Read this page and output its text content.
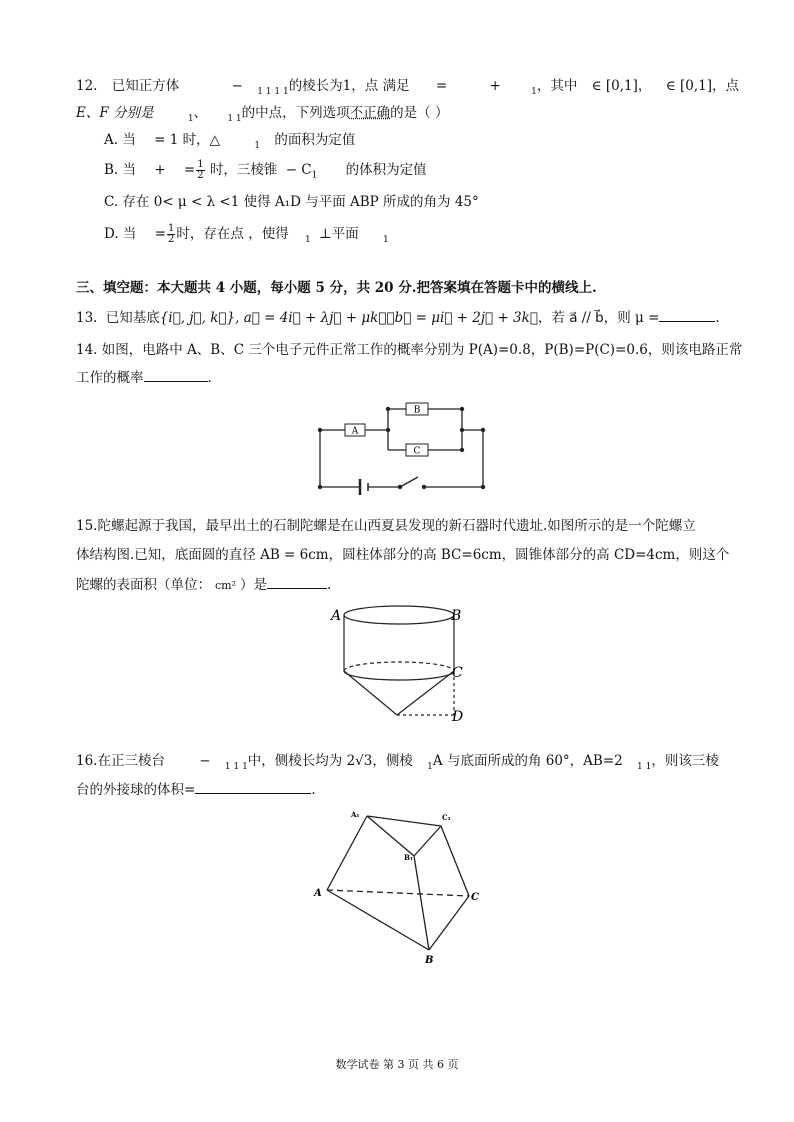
12. 已知正方体	− $_{1 1 1 1}$的棱长为1，点 满足 =	+	$_1$，其中 ∈ [0,1]， ∈ [0,1]，点
E、F 分别是	$_1$、 $_{1 1}$的中点，下列选项不正确的是（ ）
A. 当 = 1 时，△	$_1$ 的面积为定值
B. 当 + = $\frac{1}{2}$ 时，三棱锥 − $C_1$ 的体积为定值
C. 存在 0< μ < λ <1 使得 A₁D 与平面 ABP 所成的角为 45°
D. 当 = $\frac{1}{2}$ 时，存在点 ，使得 $_1$ ⊥平面	$_1$
三、填空题：本大题共 4 小题，每小题 5 分，共 20 分.把答案填在答题卡中的横线上.
13. 已知基底{i⃗, j⃗, k⃗}, a⃗ = 4i⃗ + λj⃗ + μk⃗，b⃗ = μi⃗ + 2j⃗ + 3k⃗，若 a⃗ // b⃗，则 μ =	.
14. 如图，电路中 A、B、C 三个电子元件正常工作的概率分别为 P(A)=0.8，P(B)=P(C)=0.6，则该电路正常
工作的概率	.
A
B
C
15.陀螺起源于我国，最早出土的石制陀螺是在山西夏县发现的新石器时代遗址.如图所示的是一个陀螺立
体结构图.已知，底面圆的直径 AB = 6cm，圆柱体部分的高 BC=6cm，圆锥体部分的高 CD=4cm，则这个
陀螺的表面积（单位： cm² ）是	.
A	B
C
D
16.在正三棱台	− $_{1 1 1}$中，侧棱长均为 2√3，侧棱 $_1$A 与底面所成的角 60°，AB=2 $_{1 1}$，则该三棱
台的外接球的体积=	.
A₁	C₁
B₁
A	C
B
数学试卷 第 3 页 共 6 页
